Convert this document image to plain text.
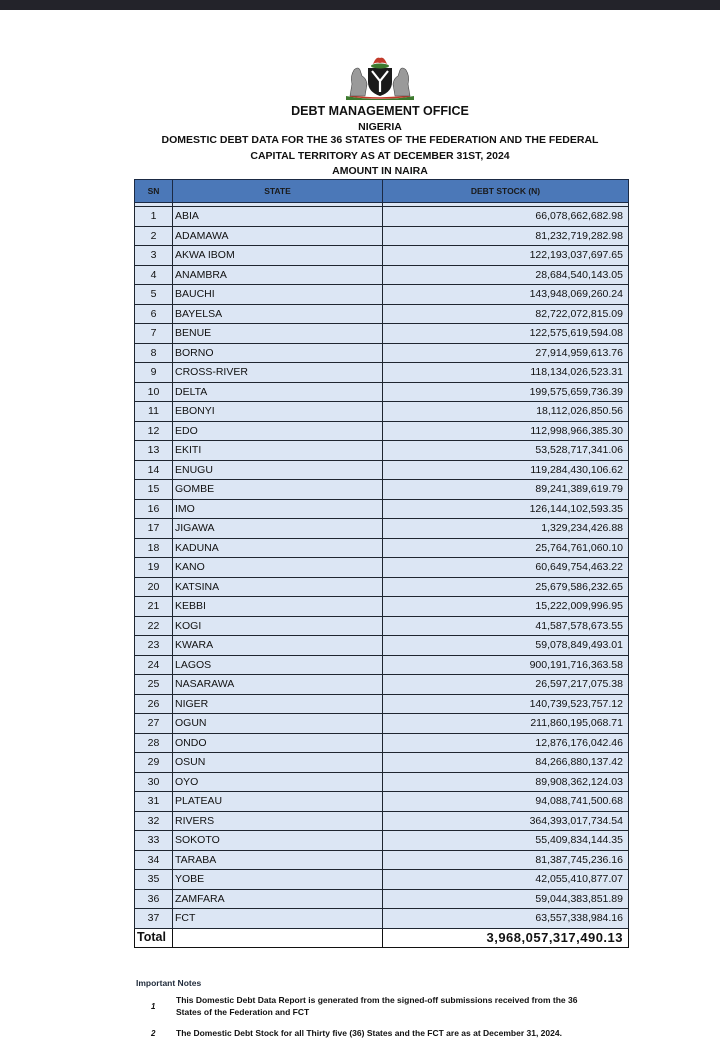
DEBT MANAGEMENT OFFICE
NIGERIA
DOMESTIC DEBT DATA FOR THE 36 STATES OF THE FEDERATION AND THE FEDERAL
CAPITAL TERRITORY AS AT DECEMBER 31ST, 2024
AMOUNT IN NAIRA
SN	STATE	DEBT STOCK (N)

1	ABIA	66,078,662,682.98
2	ADAMAWA	81,232,719,282.98
3	AKWA IBOM	122,193,037,697.65
4	ANAMBRA	28,684,540,143.05
5	BAUCHI	143,948,069,260.24
6	BAYELSA	82,722,072,815.09
7	BENUE	122,575,619,594.08
8	BORNO	27,914,959,613.76
9	CROSS-RIVER	118,134,026,523.31
10	DELTA	199,575,659,736.39
11	EBONYI	18,112,026,850.56
12	EDO	112,998,966,385.30
13	EKITI	53,528,717,341.06
14	ENUGU	119,284,430,106.62
15	GOMBE	89,241,389,619.79
16	IMO	126,144,102,593.35
17	JIGAWA	1,329,234,426.88
18	KADUNA	25,764,761,060.10
19	KANO	60,649,754,463.22
20	KATSINA	25,679,586,232.65
21	KEBBI	15,222,009,996.95
22	KOGI	41,587,578,673.55
23	KWARA	59,078,849,493.01
24	LAGOS	900,191,716,363.58
25	NASARAWA	26,597,217,075.38
26	NIGER	140,739,523,757.12
27	OGUN	211,860,195,068.71
28	ONDO	12,876,176,042.46
29	OSUN	84,266,880,137.42
30	OYO	89,908,362,124.03
31	PLATEAU	94,088,741,500.68
32	RIVERS	364,393,017,734.54
33	SOKOTO	55,409,834,144.35
34	TARABA	81,387,745,236.16
35	YOBE	42,055,410,877.07
36	ZAMFARA	59,044,383,851.89
37	FCT	63,557,338,984.16
Total		3,968,057,317,490.13
Important Notes
1
This Domestic Debt Data Report is generated from the signed-off submissions received from the 36
States of the Federation and FCT
2 The Domestic Debt Stock for all Thirty five (36) States and the FCT are as at December 31, 2024.
